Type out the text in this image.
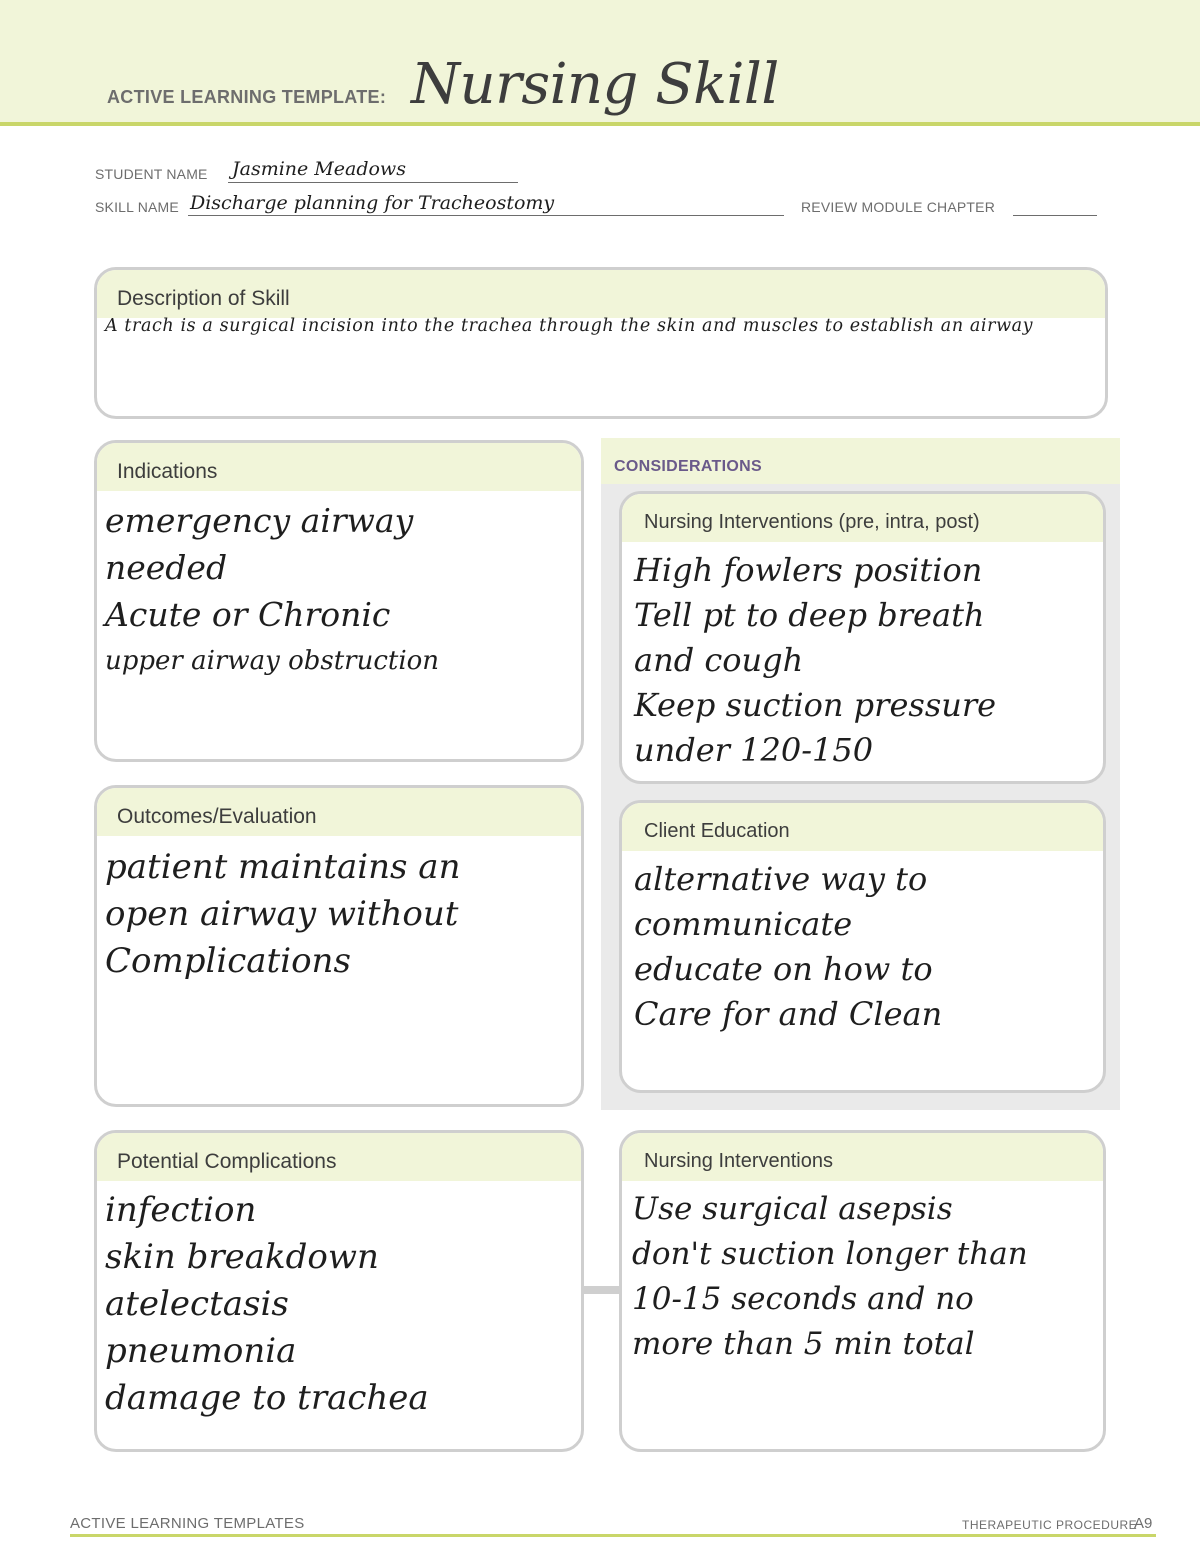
ACTIVE LEARNING TEMPLATE: Nursing Skill
STUDENT NAME Jasmine Meadows
SKILL NAME Discharge planning for Tracheostomy	REVIEW MODULE CHAPTER
Description of Skill
A trach is a surgical incision into the trachea through the skin and muscles to establish an airway
Indications
emergency airway
needed
Acute or Chronic
upper airway obstruction
Outcomes/Evaluation
patient maintains an
open airway without
Complications
CONSIDERATIONS
Nursing Interventions (pre, intra, post)
High fowlers position
Tell pt to deep breath
and cough
Keep suction pressure
under 120-150
Client Education
alternative way to
communicate
educate on how to
Care for and Clean
Potential Complications
infection
skin breakdown
atelectasis
pneumonia
damage to trachea
Nursing Interventions
Use surgical asepsis
don't suction longer than
10-15 seconds and no
more than 5 min total
ACTIVE LEARNING TEMPLATES	THERAPEUTIC PROCEDURE
A9
